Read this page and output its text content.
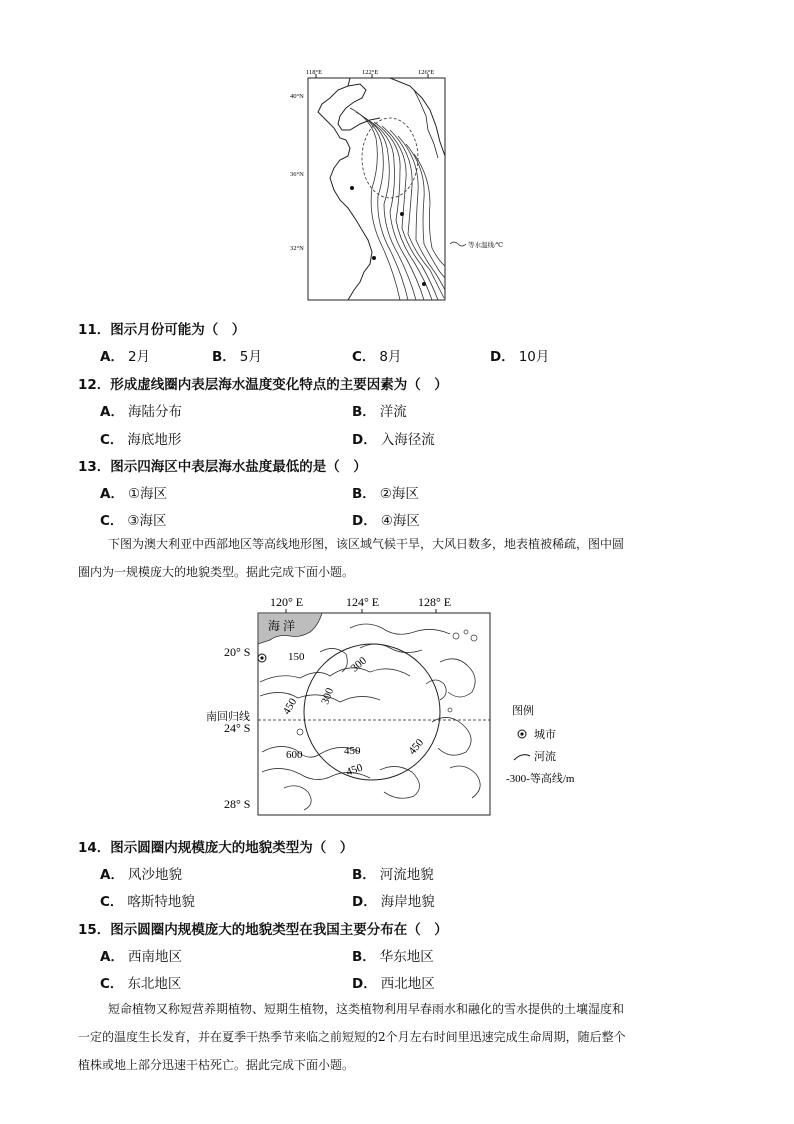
118°E	122°E	126°E
40°N
36°N
32°N	等水温线/℃
11．图示月份可能为（　）
A． 2月	B． 5月	C． 8月	D． 10月
12．形成虚线圈内表层海水温度变化特点的主要因素为（　）
A． 海陆分布	B． 洋流
C． 海底地形	D． 入海径流
13．图示四海区中表层海水盐度最低的是（　）
A． ①海区	B． ②海区
C． ③海区	D． ④海区
下图为澳大利亚中西部地区等高线地形图，该区域气候干旱，大风日数多，地表植被稀疏，图中圆
圈内为一规模庞大的地貌类型。据此完成下面小题。
120° E	124° E	128° E
20° S
24° S
28° S
南回归线
海 洋
150	300
300
450
450	450
450
600
图例
城市
河流
-300-等高线/m
14．图示圆圈内规模庞大的地貌类型为（　）
A． 风沙地貌	B． 河流地貌
C． 喀斯特地貌	D． 海岸地貌
15．图示圆圈内规模庞大的地貌类型在我国主要分布在（　）
A． 西南地区	B． 华东地区
C． 东北地区	D． 西北地区
短命植物又称短营养期植物、短期生植物，这类植物利用早春雨水和融化的雪水提供的土壤湿度和
一定的温度生长发育，并在夏季干热季节来临之前短短的2个月左右时间里迅速完成生命周期，随后整个
植株或地上部分迅速干枯死亡。据此完成下面小题。
